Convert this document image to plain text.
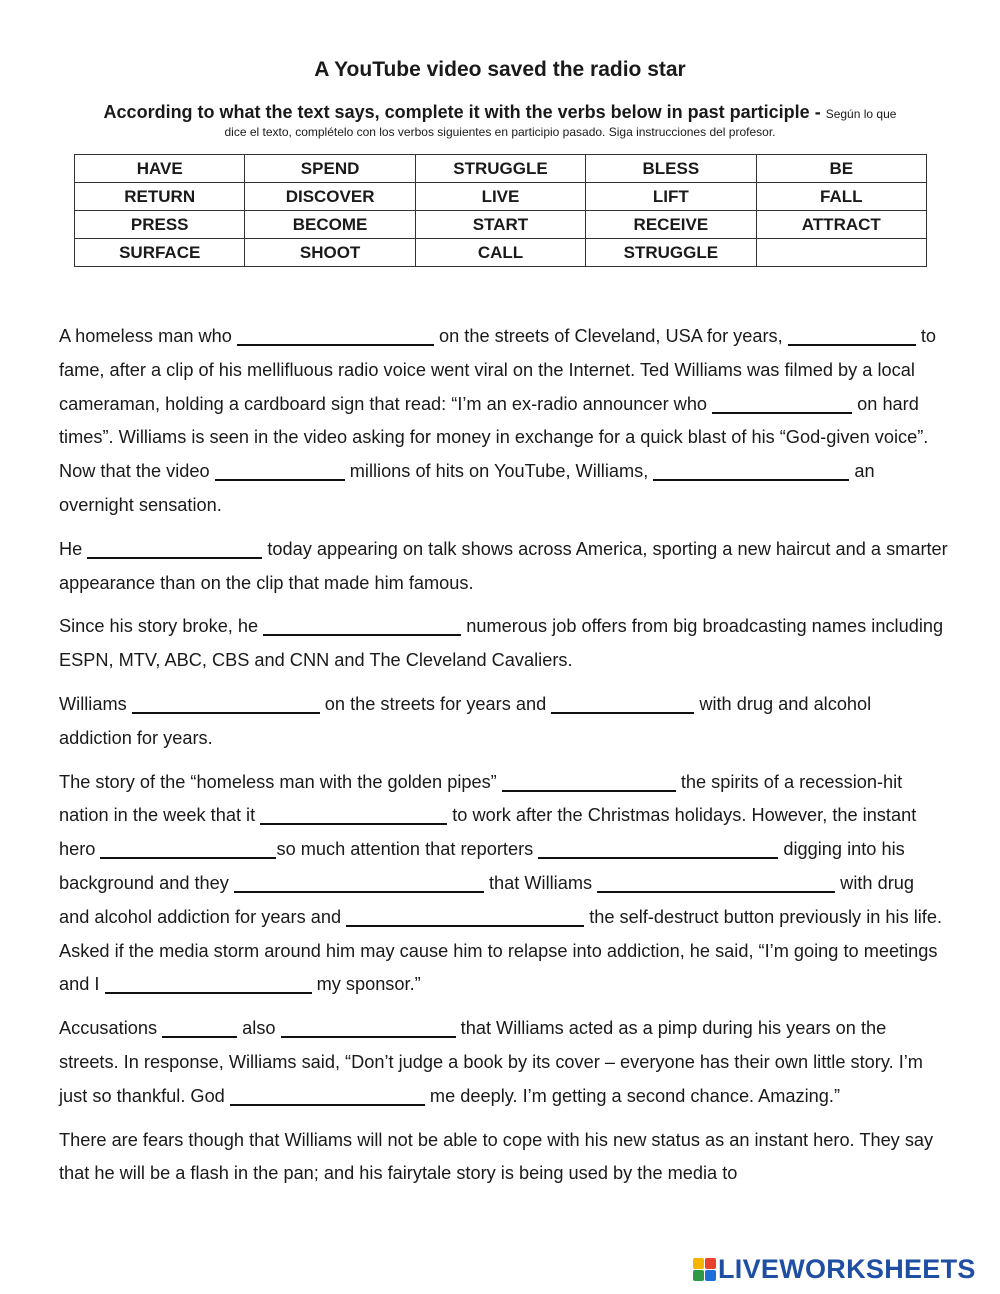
A YouTube video saved the radio star
According to what the text says, complete it with the verbs below in past participle - Según lo que
dice el texto, complételo con los verbos siguientes en participio pasado. Siga instrucciones del profesor.
HAVE	SPEND	STRUGGLE	BLESS	BE
RETURN	DISCOVER	LIVE	LIFT	FALL
PRESS	BECOME	START	RECEIVE	ATTRACT
SURFACE	SHOOT	CALL	STRUGGLE	

A homeless man who	on the streets of Cleveland, USA for years,	to fame, after a clip of his mellifluous radio voice went viral on the Internet. Ted Williams was filmed by a local cameraman, holding a cardboard sign that read: “I’m an ex-radio announcer who	on hard times”. Williams is seen in the video asking for money in exchange for a quick blast of his “God-given voice”. Now that the video	millions of hits on YouTube, Williams,	an overnight sensation.

He	today appearing on talk shows across America, sporting a new haircut and a smarter appearance than on the clip that made him famous.

Since his story broke, he	numerous job offers from big broadcasting names including ESPN, MTV, ABC, CBS and CNN and The Cleveland Cavaliers.

Williams	on the streets for years and	with drug and alcohol addiction for years.

The story of the “homeless man with the golden pipes”	the spirits of a recession-hit nation in the week that it	to work after the Christmas holidays. However, the instant hero	so much attention that reporters	digging into his background and they	that Williams	with drug and alcohol addiction for years and	the self-destruct button previously in his life. Asked if the media storm around him may cause him to relapse into addiction, he said, “I’m going to meetings and I	my sponsor.”

Accusations	also	that Williams acted as a pimp during his years on the streets. In response, Williams said, “Don’t judge a book by its cover – everyone has their own little story. I’m just so thankful. God	me deeply. I’m getting a second chance. Amazing.”

There are fears though that Williams will not be able to cope with his new status as an instant hero. They say that he will be a flash in the pan; and his fairytale story is being used by the media to

LIVEWORKSHEETS
